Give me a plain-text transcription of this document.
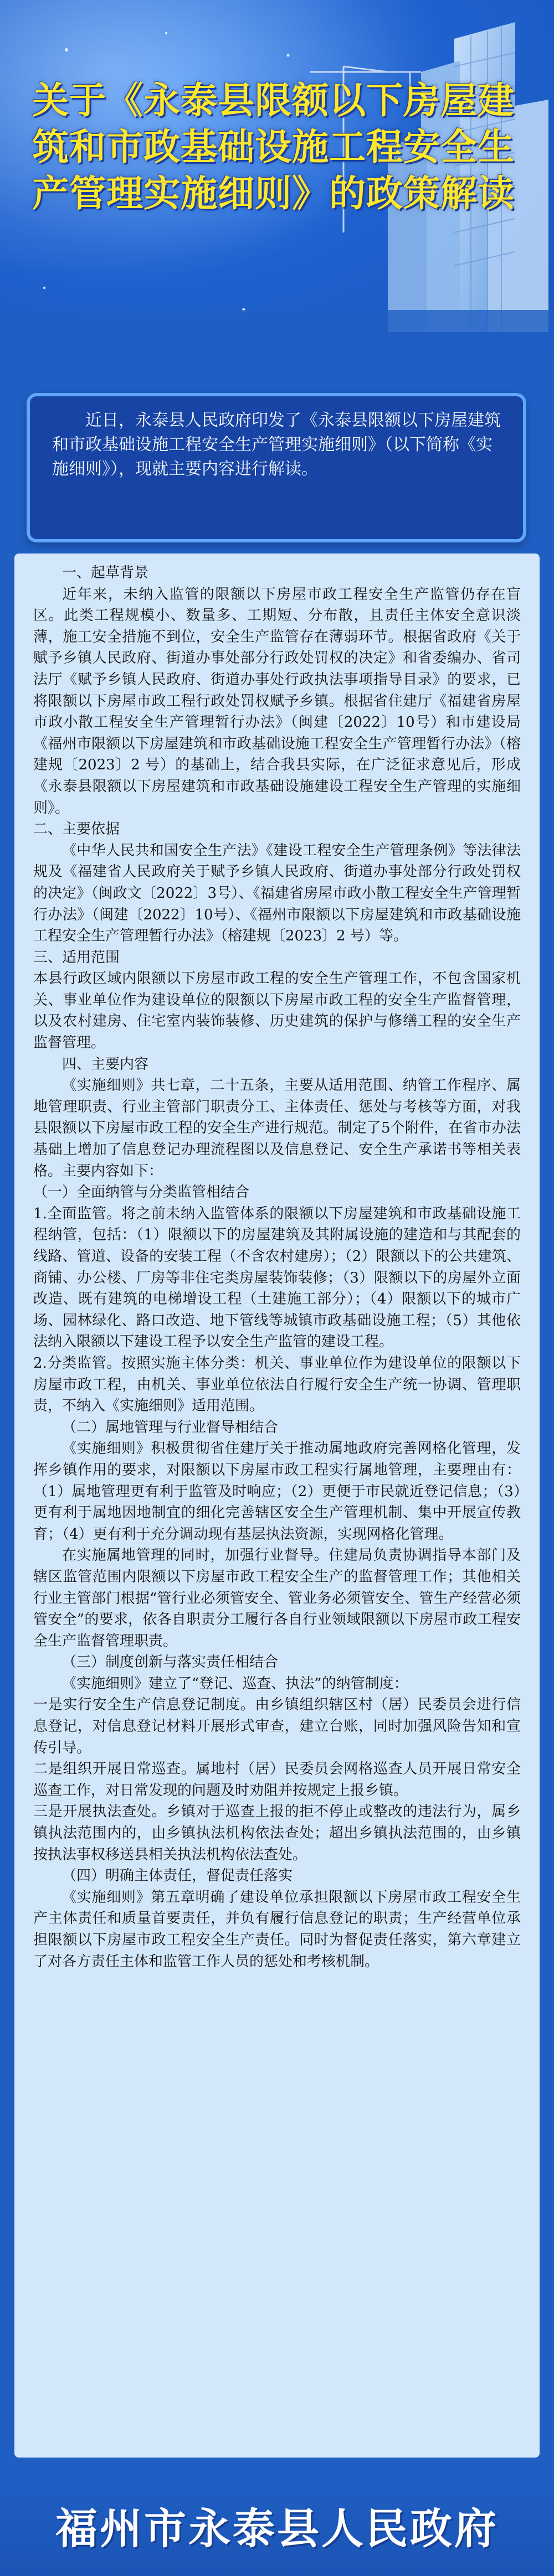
关于《永泰县限额以下房屋建筑和市政基础设施工程安全生产管理实施细则》的政策解读
近日，永泰县人民政府印发了《永泰县限额以下房屋建筑和市政基础设施工程安全生产管理实施细则》（以下简称《实施细则》），现就主要内容进行解读。

一、起草背景

近年来，未纳入监管的限额以下房屋市政工程安全生产监管仍存在盲区。此类工程规模小、数量多、工期短、分布散，且责任主体安全意识淡薄，施工安全措施不到位，安全生产监管存在薄弱环节。根据省政府《关于赋予乡镇人民政府、街道办事处部分行政处罚权的决定》和省委编办、省司法厅《赋予乡镇人民政府、街道办事处行政执法事项指导目录》的要求，已将限额以下房屋市政工程行政处罚权赋予乡镇。根据省住建厅《福建省房屋市政小散工程安全生产管理暂行办法》（闽建〔2022〕10号）和市建设局《福州市限额以下房屋建筑和市政基础设施工程安全生产管理暂行办法》（榕建规〔2023〕2 号）的基础上，结合我县实际，在广泛征求意见后，形成《永泰县限额以下房屋建筑和市政基础设施建设工程安全生产管理的实施细则》。

二、主要依据

《中华人民共和国安全生产法》《建设工程安全生产管理条例》等法律法规及《福建省人民政府关于赋予乡镇人民政府、街道办事处部分行政处罚权的决定》（闽政文〔2022〕3号）、《福建省房屋市政小散工程安全生产管理暂行办法》（闽建〔2022〕10号）、《福州市限额以下房屋建筑和市政基础设施工程安全生产管理暂行办法》（榕建规〔2023〕2 号）等。

三、适用范围

本县行政区域内限额以下房屋市政工程的安全生产管理工作，不包含国家机关、事业单位作为建设单位的限额以下房屋市政工程的安全生产监督管理，以及农村建房、住宅室内装饰装修、历史建筑的保护与修缮工程的安全生产监督管理。

四、主要内容

《实施细则》共七章，二十五条，主要从适用范围、纳管工作程序、属地管理职责、行业主管部门职责分工、主体责任、惩处与考核等方面，对我县限额以下房屋市政工程的安全生产进行规范。制定了5个附件，在省市办法基础上增加了信息登记办理流程图以及信息登记、安全生产承诺书等相关表格。主要内容如下：

（一）全面纳管与分类监管相结合

1.全面监管。将之前未纳入监管体系的限额以下房屋建筑和市政基础设施工程纳管，包括：（1）限额以下的房屋建筑及其附属设施的建造和与其配套的线路、管道、设备的安装工程（不含农村建房）；（2）限额以下的公共建筑、商铺、办公楼、厂房等非住宅类房屋装饰装修；（3）限额以下的房屋外立面改造、既有建筑的电梯增设工程（土建施工部分）；（4）限额以下的城市广场、园林绿化、路口改造、地下管线等城镇市政基础设施工程；（5）其他依法纳入限额以下建设工程予以安全生产监管的建设工程。

2.分类监管。按照实施主体分类：机关、事业单位作为建设单位的限额以下房屋市政工程，由机关、事业单位依法自行履行安全生产统一协调、管理职责，不纳入《实施细则》适用范围。

（二）属地管理与行业督导相结合

《实施细则》积极贯彻省住建厅关于推动属地政府完善网格化管理，发挥乡镇作用的要求，对限额以下房屋市政工程实行属地管理，主要理由有：（1）属地管理更有利于监管及时响应；（2）更便于市民就近登记信息；（3）更有利于属地因地制宜的细化完善辖区安全生产管理机制、集中开展宣传教育；（4）更有利于充分调动现有基层执法资源，实现网格化管理。

在实施属地管理的同时，加强行业督导。住建局负责协调指导本部门及辖区监管范围内限额以下房屋市政工程安全生产的监督管理工作；其他相关行业主管部门根据“管行业必须管安全、管业务必须管安全、管生产经营必须管安全”的要求，依各自职责分工履行各自行业领域限额以下房屋市政工程安全生产监督管理职责。

（三）制度创新与落实责任相结合

《实施细则》建立了“登记、巡查、执法”的纳管制度：

一是实行安全生产信息登记制度。由乡镇组织辖区村（居）民委员会进行信息登记，对信息登记材料开展形式审查，建立台账，同时加强风险告知和宣传引导。

二是组织开展日常巡查。属地村（居）民委员会网格巡查人员开展日常安全巡查工作，对日常发现的问题及时劝阻并按规定上报乡镇。

三是开展执法查处。乡镇对于巡查上报的拒不停止或整改的违法行为，属乡镇执法范围内的，由乡镇执法机构依法查处；超出乡镇执法范围的，由乡镇按执法事权移送县相关执法机构依法查处。

（四）明确主体责任，督促责任落实

《实施细则》第五章明确了建设单位承担限额以下房屋市政工程安全生产主体责任和质量首要责任，并负有履行信息登记的职责；生产经营单位承担限额以下房屋市政工程安全生产责任。同时为督促责任落实，第六章建立了对各方责任主体和监管工作人员的惩处和考核机制。

福州市永泰县人民政府
